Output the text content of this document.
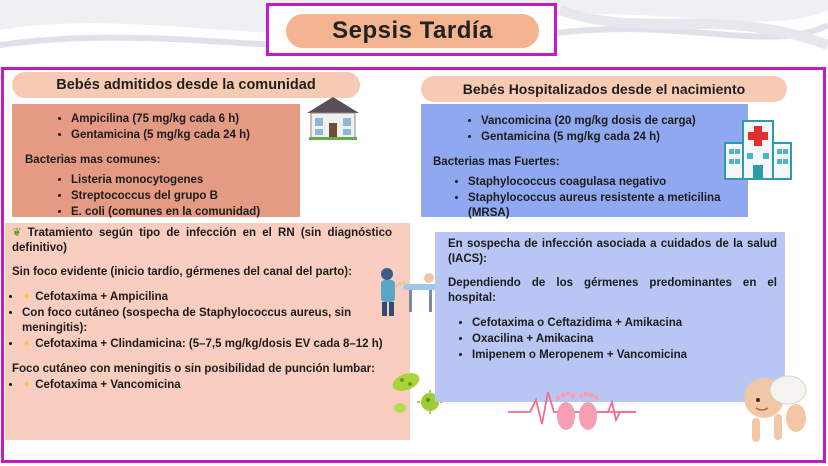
Sepsis Tardía
Bebés admitidos desde la comunidad
• Ampicilina (75 mg/kg cada 6 h)
• Gentamicina (5 mg/kg cada 24 h)

Bacterias mas comunes:

• Listeria monocytogenes
• Streptococcus del grupo B
• E. coli (comunes en la comunidad)

❦ Tratamiento según tipo de infección en el RN (sin diagnóstico definitivo)

Sin foco evidente (inicio tardío, gérmenes del canal del parto):

• ✶ Cefotaxima + Ampicilina
• Con foco cutáneo (sospecha de Staphylococcus aureus, sin meningitis):
• ✶ Cefotaxima + Clindamicina: (5–7,5 mg/kg/dosis EV cada 8–12 h)

Foco cutáneo con meningitis o sin posibilidad de punción lumbar:

• ✶ Cefotaxima + Vancomicina
Bebés Hospitalizados desde el nacimiento
• Vancomicina (20 mg/kg dosis de carga)
• Gentamicina (5 mg/kg cada 24 h)

Bacterias mas Fuertes:

• Staphylococcus coagulasa negativo
• Staphylococcus aureus resistente a meticilina (MRSA)

En sospecha de infección asociada a cuidados de la salud (IACS):

Dependiendo de los gérmenes predominantes en el hospital:

• Cefotaxima o Ceftazidima + Amikacina
• Oxacilina + Amikacina
• Imipenem o Meropenem + Vancomicina
